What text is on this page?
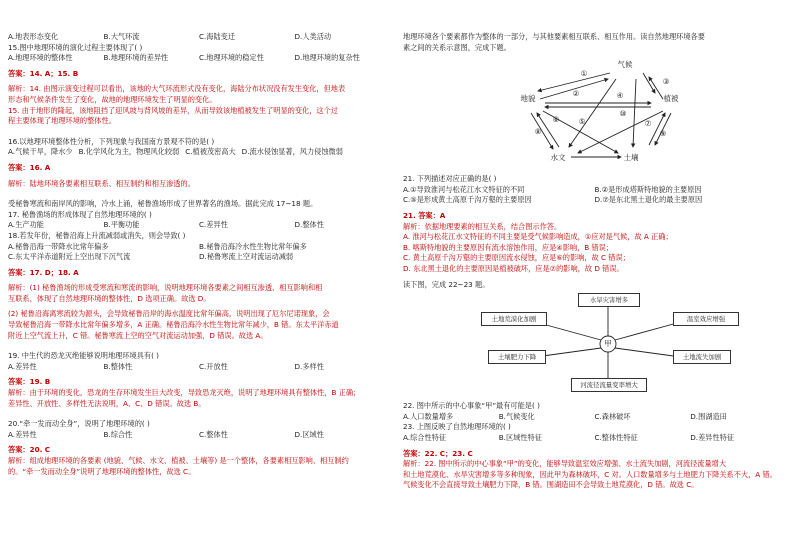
A.地表形态变化	B.大气环流	C.海陆变迁	D.人类活动
15.图中地理环境的演化过程主要体现了( )
A.地理环境的整体性	B.地理环境的差异性	C.地理环境的稳定性	D.地理环境的复杂性
答案：14. A；15. B
解析：14. 由图示演变过程可以看出，该地的大气环流形式没有变化，海陆分布状况没有发生变化，但地表
形态和气候条件发生了变化，故地的地理环境发生了明显的变化。
15. 由于地形的隆起，该地阻挡了迎风坡与背风坡的差异，从而导致该地植被发生了明显的变化，这个过
程主要体现了地理环境的整体性。
16.以地理环境整体性分析，下列现象与我国南方景观不符的是( )
A.气候干旱，降水少 B.化学风化为主，物理风化较弱 C.植被茂密高大 D.流水侵蚀显著，风力侵蚀微弱
答案：16. A
解析：陆地环境各要素相互联系、相互制约和相互渗透的。
受秘鲁寒流和南岸风的影响，冷水上涌，秘鲁渔场形成了世界著名的渔场。据此完成 17~18 题。
17. 秘鲁渔场的形成体现了自然地理环境的( )
A.生产功能	B.平衡功能	C.差异性	D.整体性
18.若发年份，秘鲁沿海上升流减弱或消失，则会导致( )
A.秘鲁沿海一带降水比常年偏多	B.秘鲁沿海冷水性生物比常年偏多
C.东太平洋赤道附近上空出现下沉气流	D.秘鲁寒流上空对流运动减弱
答案：17. D；18. A
解析：(1) 秘鲁渔场的形成受寒流和寒流的影响，说明地理环境各要素之间相互渗透、相互影响和相
互联系，体现了自然地理环境的整体性，D 选项正确。故选 D。
(2) 秘鲁沿海离寒流较为源头，会导致秘鲁沿岸的海水温度比常年偏高，说明出现了厄尔尼诺现象，会
导致秘鲁沿海一带降水比常年偏多增多，A 正确。秘鲁沿海冷水性生物比常年减少，B 错。东太平洋赤道
附近上空气流上升，C 错。秘鲁寒流上空的空气对流运动加强，D 错误。故选 A。
19. 中生代的恐龙灭绝能够说明地理环境具有( )
A.差异性	B.整体性	C.开放性	D.多样性
答案：19. B
解析：由于环境的变化，恐龙的生存环境发生巨大改变，导致恐龙灭绝，说明了地理环境具有整体性，B 正确；
差异性、开放性、多样性无法说明，A、C、D 错误。故选 B。
20.“牵一发而动全身”，说明了地理环境的( )
A.差异性	B.综合性	C.整体性	D.区域性
答案：20. C
解析：组成地理环境的各要素 (地貌、气候、水文、植被、土壤等) 是一个整体，各要素相互影响、相互制约
的。“牵一发而动全身”说明了地理环境的整体性，故选 C。
地理环境各个要素都作为整体的一部分，与其他要素相互联系、相互作用。读自然地理环境各要
素之间的关系示意图，完成下题。
气候
地貌	植被
水文	土壤
①
②
③
④
⑤
⑥	⑦
⑧	⑨
⑩
21. 下列描述对应正确的是( )
A.①导致淮河与松花江水文特征的不同	B.②是形成塔斯特地貌的主要原因
C.⑤是形成黄土高原千沟万壑的主要原因	D.⑦是东北黑土退化的最主要原因
21. 答案：A
解析：依据地理要素的相互关系，结合图示作答。
A. 淮河与松花江水文特征的不同主要是受气候影响造成，①应对是气候，故 A 正确；
B. 喀斯特地貌的主要原因有流水溶蚀作用，应是④影响，B 错误；
C. 黄土高原千沟万壑的主要原因流水侵蚀，应是⑥的影响，故 C 错误；
D. 东北黑土退化的主要原因是植被破坏，应是⑦的影响，故 D 错误。
读下图，完成 22~23 题。
甲
水旱灾害增多
土地荒漠化加剧	温室效应增强
土壤肥力下降	土地流失加剧
河流径流量变率增大
22. 图中所示的中心事象“甲”最有可能是( )
A.人口数量增多	B.气候变化	C.森林破坏	D.围湖造田
23. 上图反映了自然地理环境的( )
A.综合性特征	B.区域性特征	C.整体性特征	D.差异性特征
答案：22. C；23. C
解析：22. 图中所示的中心事象“甲”的变化，能够导致温室效应增强、水土流失加剧，河流径流量增大
和土地荒漠化、水旱灾害增多等多种现象，因此甲为森林破坏，C 对。人口数量增多与土地肥力下降关系不大，A 错。
气候变化不会直接导致土壤肥力下降，B 错。围湖造田不会导致土地荒漠化，D 错。故选 C。
